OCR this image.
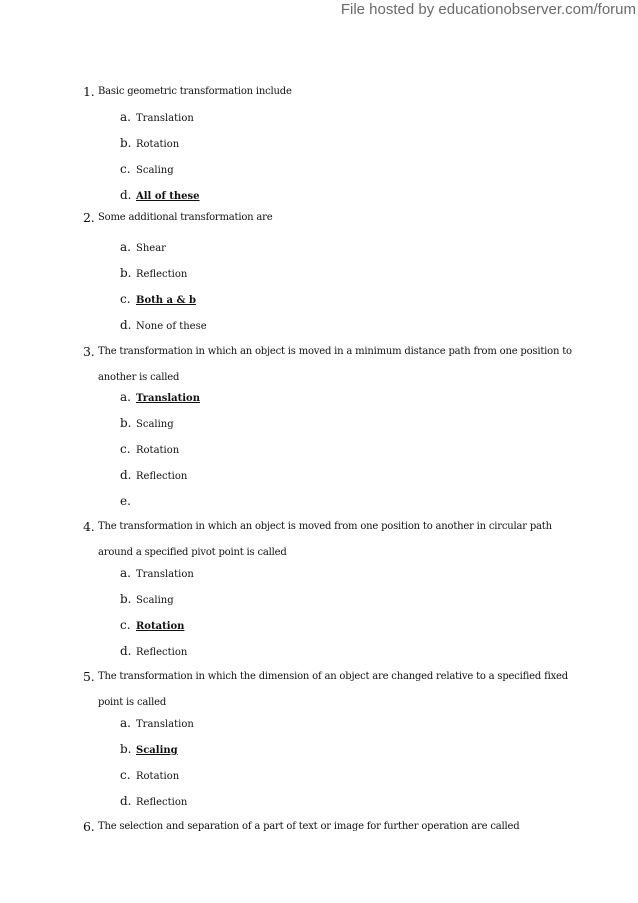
File hosted by educationobserver.com/forum
1. Basic geometric transformation include
a. Translation
b. Rotation
c. Scaling
d. All of these
2. Some additional transformation are
a. Shear
b. Reflection
c. Both a & b
d. None of these
3. The transformation in which an object is moved in a minimum distance path from one position to another is called
a. Translation
b. Scaling
c. Rotation
d. Reflection
e.
4. The transformation in which an object is moved from one position to another in circular path around a specified pivot point is called
a. Translation
b. Scaling
c. Rotation
d. Reflection
5. The transformation in which the dimension of an object are changed relative to a specified fixed point is called
a. Translation
b. Scaling
c. Rotation
d. Reflection
6. The selection and separation of a part of text or image for further operation are called
